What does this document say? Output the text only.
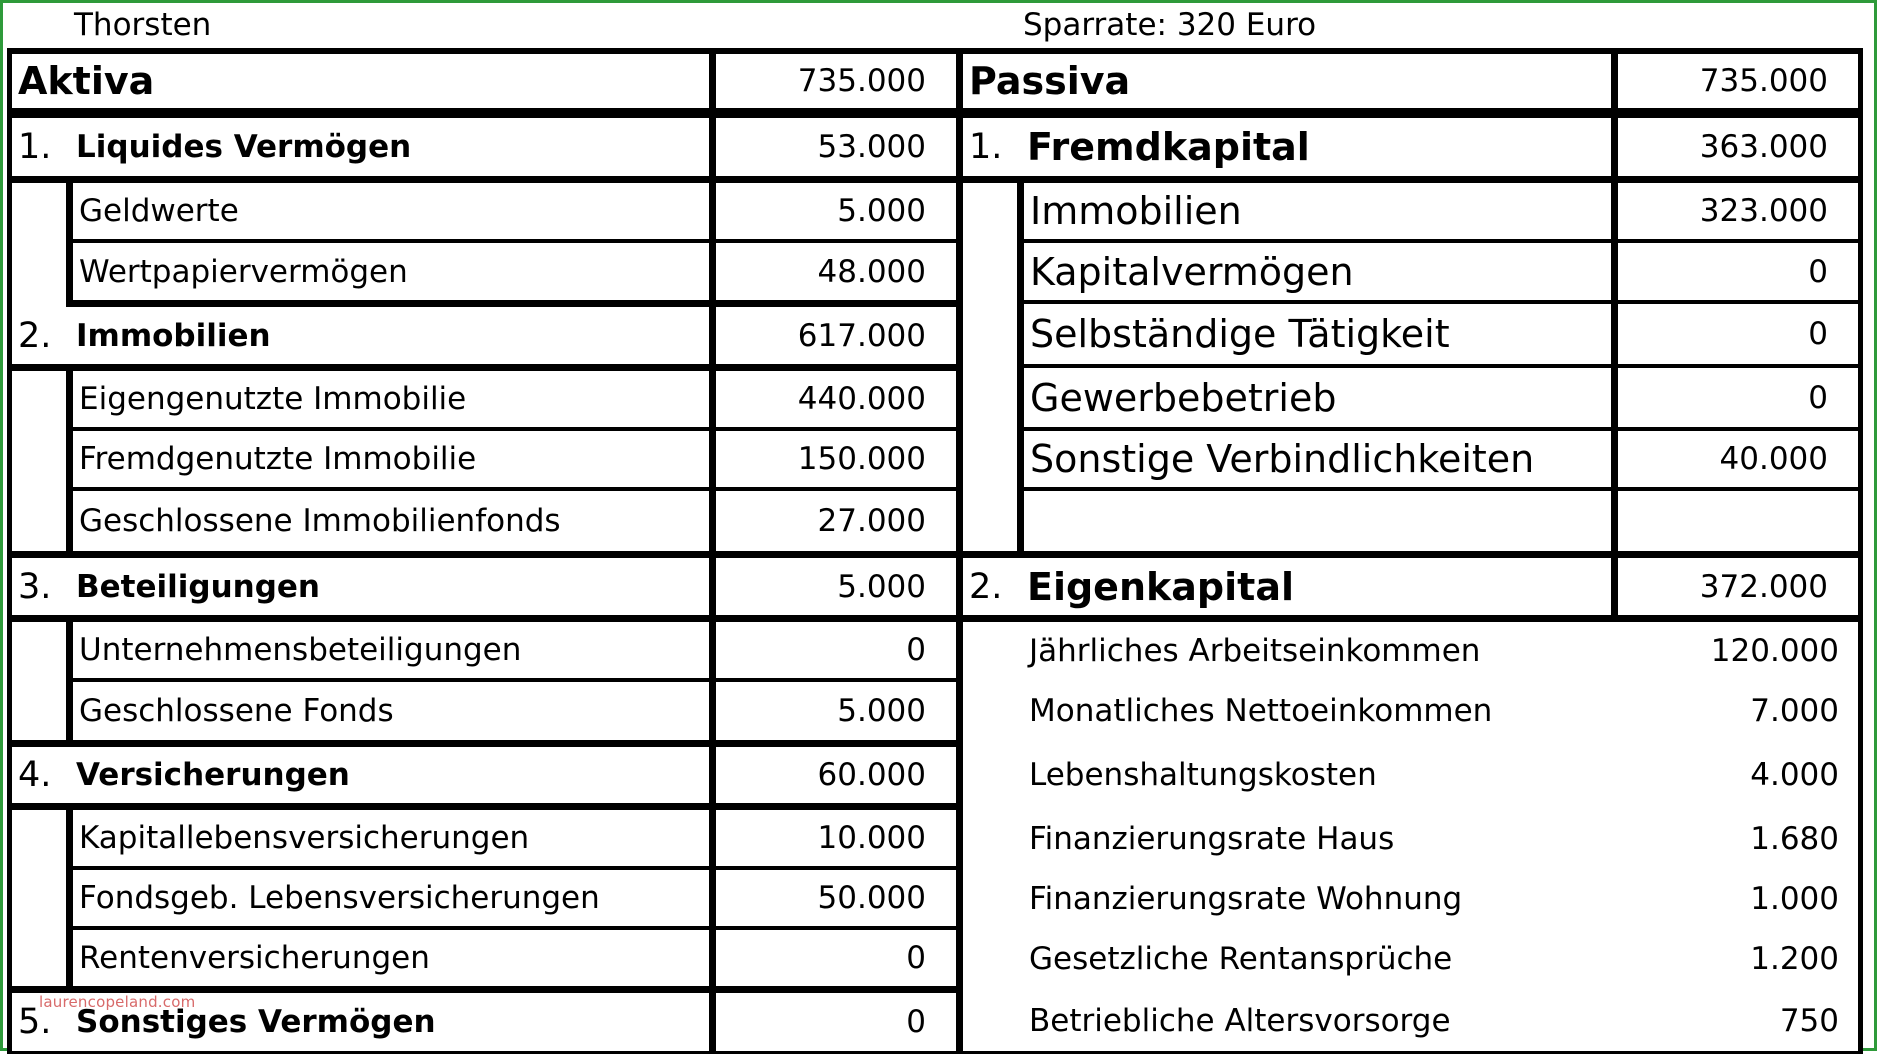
Thorsten	Sparrate: 320 Euro
Aktiva	735.000
1. Liquides Vermögen	53.000
Geldwerte	5.000
Wertpapiervermögen	48.000
2. Immobilien	617.000
Eigengenutzte Immobilie	440.000
Fremdgenutzte Immobilie	150.000
Geschlossene Immobilienfonds	27.000
3. Beteiligungen	5.000
Unternehmensbeteiligungen	0
Geschlossene Fonds	5.000
4. Versicherungen	60.000
Kapitallebensversicherungen	10.000
Fondsgeb. Lebensversicherungen	50.000
Rentenversicherungen	0
5. Sonstiges Vermögen	0
Passiva	735.000
1. Fremdkapital	363.000
Immobilien	323.000
Kapitalvermögen	0
Selbständige Tätigkeit	0
Gewerbebetrieb	0
Sonstige Verbindlichkeiten	40.000
2. Eigenkapital	372.000
Jährliches Arbeitseinkommen	120.000
Monatliches Nettoeinkommen	7.000
Lebenshaltungskosten	4.000
Finanzierungsrate Haus	1.680
Finanzierungsrate Wohnung	1.000
Gesetzliche Rentansprüche	1.200
Betriebliche Altersvorsorge	750
laurencopeland.com
